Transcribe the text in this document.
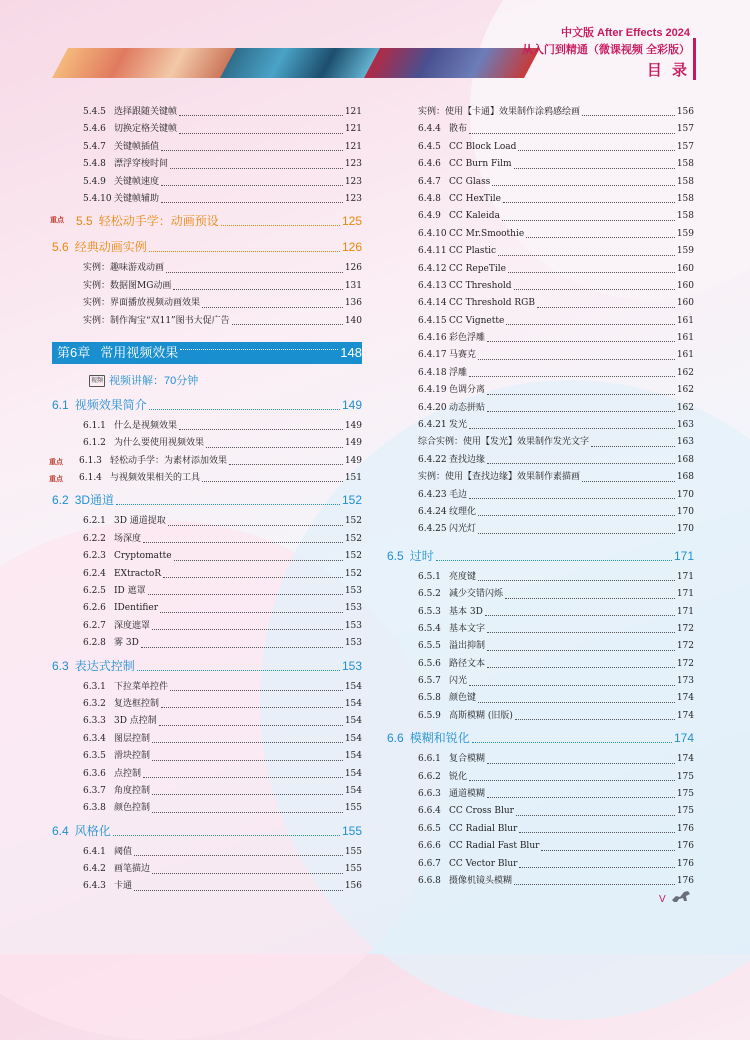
中文版 After Effects 2024
从入门到精通（微课视频 全彩版）
目 录
5.4.5 选择跟随关键帧	121
5.4.6 切换定格关键帧	121
5.4.7 关键帧插值	121
5.4.8 漂浮穿梭时间	123
5.4.9 关键帧速度	123
5.4.10 关键帧辅助	123
重点	5.5 轻松动手学：动画预设	125
5.6 经典动画实例	126
实例：趣味游戏动画	126
实例：数据图MG动画	131
实例：界面播放视频动画效果	136
实例：制作淘宝“双11”图书大促广告	140
第6章 常用视频效果	148
视频 视频讲解：70分钟
6.1 视频效果简介	149
6.1.1 什么是视频效果	149
6.1.2 为什么要使用视频效果	149
重点	6.1.3 轻松动手学：为素材添加效果	149
重点	6.1.4 与视频效果相关的工具	151
6.2 3D通道	152
6.2.1 3D 通道提取	152
6.2.2 场深度	152
6.2.3 Cryptomatte	152
6.2.4 EXtractoR	152
6.2.5 ID 遮罩	153
6.2.6 IDentifier	153
6.2.7 深度遮罩	153
6.2.8 雾 3D	153
6.3 表达式控制	153
6.3.1 下拉菜单控件	154
6.3.2 复选框控制	154
6.3.3 3D 点控制	154
6.3.4 图层控制	154
6.3.5 滑块控制	154
6.3.6 点控制	154
6.3.7 角度控制	154
6.3.8 颜色控制	155
6.4 风格化	155
6.4.1 阈值	155
6.4.2 画笔描边	155
6.4.3 卡通	156
实例：使用【卡通】效果制作涂鸦感绘画	156
6.4.4 散布	157
6.4.5 CC Block Load	157
6.4.6 CC Burn Film	158
6.4.7 CC Glass	158
6.4.8 CC HexTile	158
6.4.9 CC Kaleida	158
6.4.10 CC Mr.Smoothie	159
6.4.11 CC Plastic	159
6.4.12 CC RepeTile	160
6.4.13 CC Threshold	160
6.4.14 CC Threshold RGB	160
6.4.15 CC Vignette	161
6.4.16 彩色浮雕	161
6.4.17 马赛克	161
6.4.18 浮雕	162
6.4.19 色调分离	162
6.4.20 动态拼贴	162
6.4.21 发光	163
综合实例：使用【发光】效果制作发光文字	163
6.4.22 查找边缘	168
实例：使用【查找边缘】效果制作素描画	168
6.4.23 毛边	170
6.4.24 纹理化	170
6.4.25 闪光灯	170
6.5 过时	171
6.5.1 亮度键	171
6.5.2 减少交错闪烁	171
6.5.3 基本 3D	171
6.5.4 基本文字	172
6.5.5 溢出抑制	172
6.5.6 路径文本	172
6.5.7 闪光	173
6.5.8 颜色键	174
6.5.9 高斯模糊 (旧版)	174
6.6 模糊和锐化	174
6.6.1 复合模糊	174
6.6.2 锐化	175
6.6.3 通道模糊	175
6.6.4 CC Cross Blur	175
6.6.5 CC Radial Blur	176
6.6.6 CC Radial Fast Blur	176
6.6.7 CC Vector Blur	176
6.6.8 摄像机镜头模糊	176
V
